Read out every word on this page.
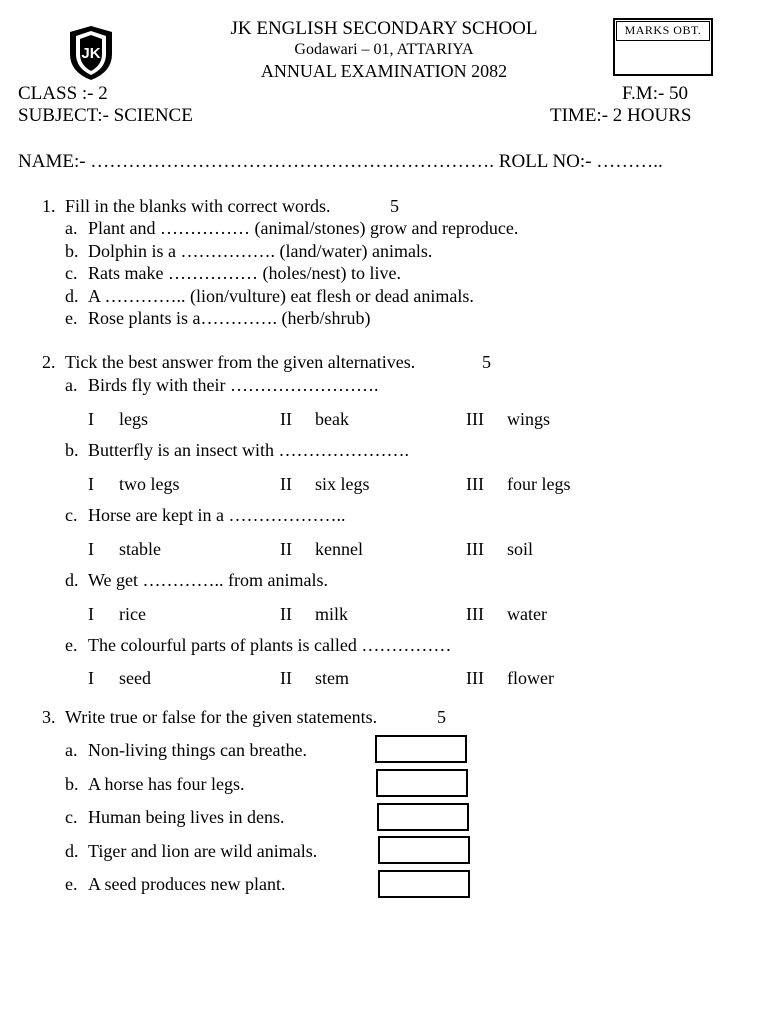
JK
JK ENGLISH SECONDARY SCHOOL
Godawari – 01, ATTARIYA
ANNUAL EXAMINATION 2082
MARKS OBT.
CLASS :- 2	F.M:- 50
SUBJECT:- SCIENCE	TIME:- 2 HOURS
NAME:- ………………………………………………………. ROLL NO:- ………..
1. Fill in the blanks with correct words.	5
a. Plant and …………… (animal/stones) grow and reproduce.
b. Dolphin is a ……………. (land/water) animals.
c. Rats make …………… (holes/nest) to live.
d. A ………….. (lion/vulture) eat flesh or dead animals.
e. Rose plants is a…………. (herb/shrub)
2. Tick the best answer from the given alternatives.	5
a. Birds fly with their …………………….
I legs	II beak	III wings
b. Butterfly is an insect with ………………….
I two legs	II six legs	III four legs
c. Horse are kept in a ………………..
I stable	II kennel	III soil
d. We get ………….. from animals.
I rice	II milk	III water
e. The colourful parts of plants is called ……………
I seed	II stem	III flower
3. Write true or false for the given statements.	5
a. Non-living things can breathe.
b. A horse has four legs.
c. Human being lives in dens.
d. Tiger and lion are wild animals.
e. A seed produces new plant.
